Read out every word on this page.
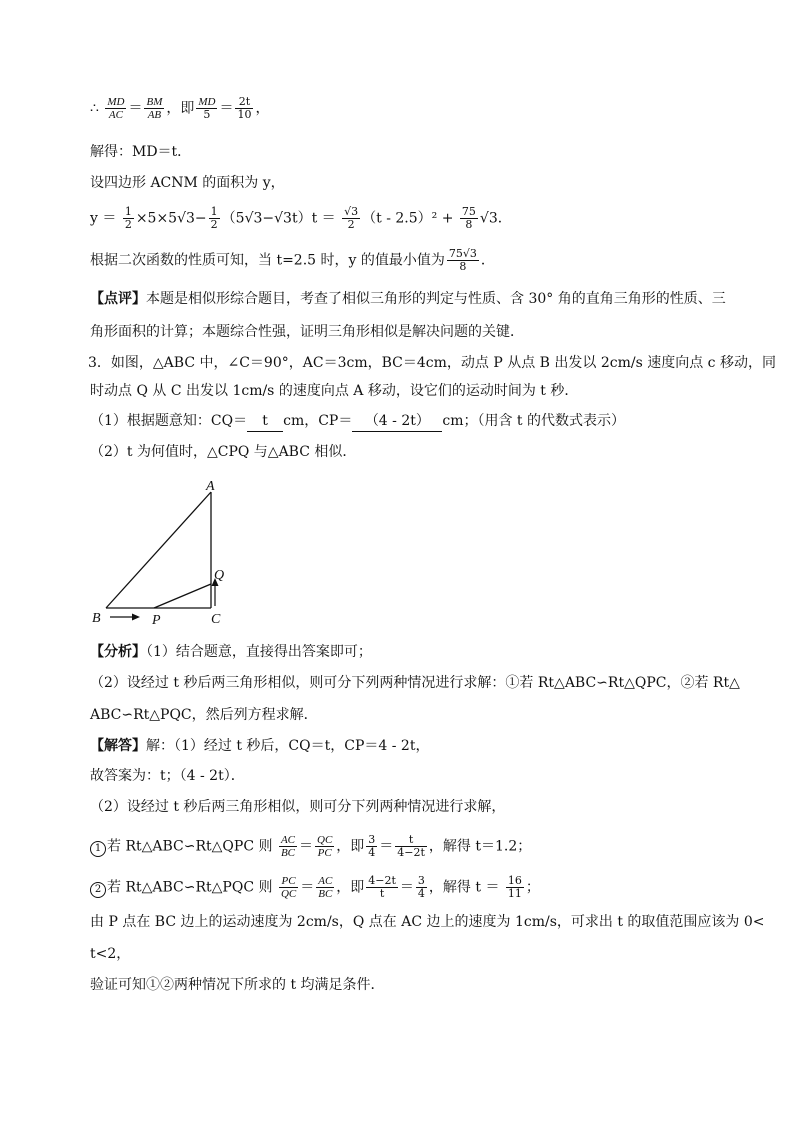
∴ $\frac{MD}{AC} = \frac{BM}{AB}$ ，即 $\frac{MD}{5} = \frac{2t}{10}$ ，
解得：MD＝t．
设四边形 ACNM 的面积为 y，
$y = \frac{1}{2} \times 5\times 5√3- \frac{1}{2} (5√3-√3t)t = \frac{√3}{2} (t - 2.5)^2 + \frac{75}{8} √3$．
根据二次函数的性质可知，当 t=2.5 时，y 的值最小值为 $\frac{75√3}{8}$ ．
【点评】本题是相似形综合题目，考查了相似三角形的判定与性质、含 30° 角的直角三角形的性质、三
角形面积的计算；本题综合性强，证明三角形相似是解决问题的关键．
3．如图，△ABC 中，∠C＝90°，AC＝3cm，BC＝4cm，动点 P 从点 B 出发以 2cm/s 速度向点 c 移动，同
时动点 Q 从 C 出发以 1cm/s 的速度向点 A 移动，设它们的运动时间为 t 秒．
（1）根据题意知：CQ＝ t cm，CP＝ （4 - 2t） cm；（用含 t 的代数式表示）
（2）t 为何值时，△CPQ 与△ABC 相似．
A
B	C
P
Q
【分析】（1）结合题意，直接得出答案即可；
（2）设经过 t 秒后两三角形相似，则可分下列两种情况进行求解：①若 Rt△ABC∽Rt△QPC，②若 Rt△
ABC∽Rt△PQC，然后列方程求解．
【解答】解：（1）经过 t 秒后，CQ＝t，CP＝4 - 2t，
故答案为：t；（4 - 2t）．
（2）设经过 t 秒后两三角形相似，则可分下列两种情况进行求解，
1 若 Rt△ABC∽Rt△QPC 则 $\frac{AC}{BC} = \frac{QC}{PC}$ ，即 $\frac{3}{4} = \frac{t}{4-2t}$ ，解得 t＝1.2；
2 若 Rt△ABC∽Rt△PQC 则 $\frac{PC}{QC} = \frac{AC}{BC}$ ，即 $\frac{4-2t}{t} = \frac{3}{4}$ ，解得 $t = \frac{16}{11}$ ；
由 P 点在 BC 边上的运动速度为 2cm/s，Q 点在 AC 边上的速度为 1cm/s，可求出 t 的取值范围应该为 0<
t<2，
验证可知①②两种情况下所求的 t 均满足条件．
